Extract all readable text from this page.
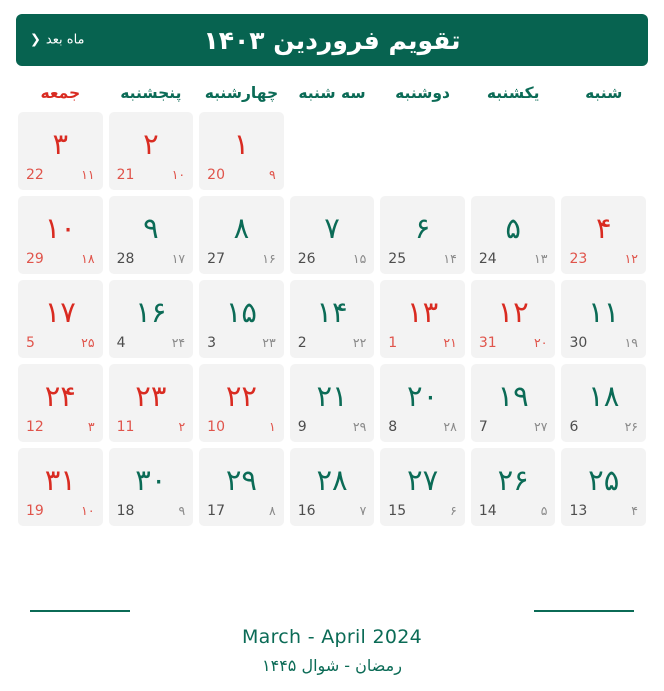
تقویم فروردین ۱۴۰۳
ماه بعد
❮
شنبه
یکشنبه
دوشنبه
سه شنبه
چهارشنبه
پنجشنبه
جمعه
۱
۹
20
۲
۱۰
21
۳
۱۱
22
۴
۱۲
23
۵
۱۳
24
۶
۱۴
25
۷
۱۵
26
۸
۱۶
27
۹
۱۷
28
۱۰
۱۸
29
۱۱
۱۹
30
۱۲
۲۰
31
۱۳
۲۱
1
۱۴
۲۲
2
۱۵
۲۳
3
۱۶
۲۴
4
۱۷
۲۵
5
۱۸
۲۶
6
۱۹
۲۷
7
۲۰
۲۸
8
۲۱
۲۹
9
۲۲
۱
10
۲۳
۲
11
۲۴
۳
12
۲۵
۴
13
۲۶
۵
14
۲۷
۶
15
۲۸
۷
16
۲۹
۸
17
۳۰
۹
18
۳۱
۱۰
19
March - April 2024
رمضان - شوال ۱۴۴۵
